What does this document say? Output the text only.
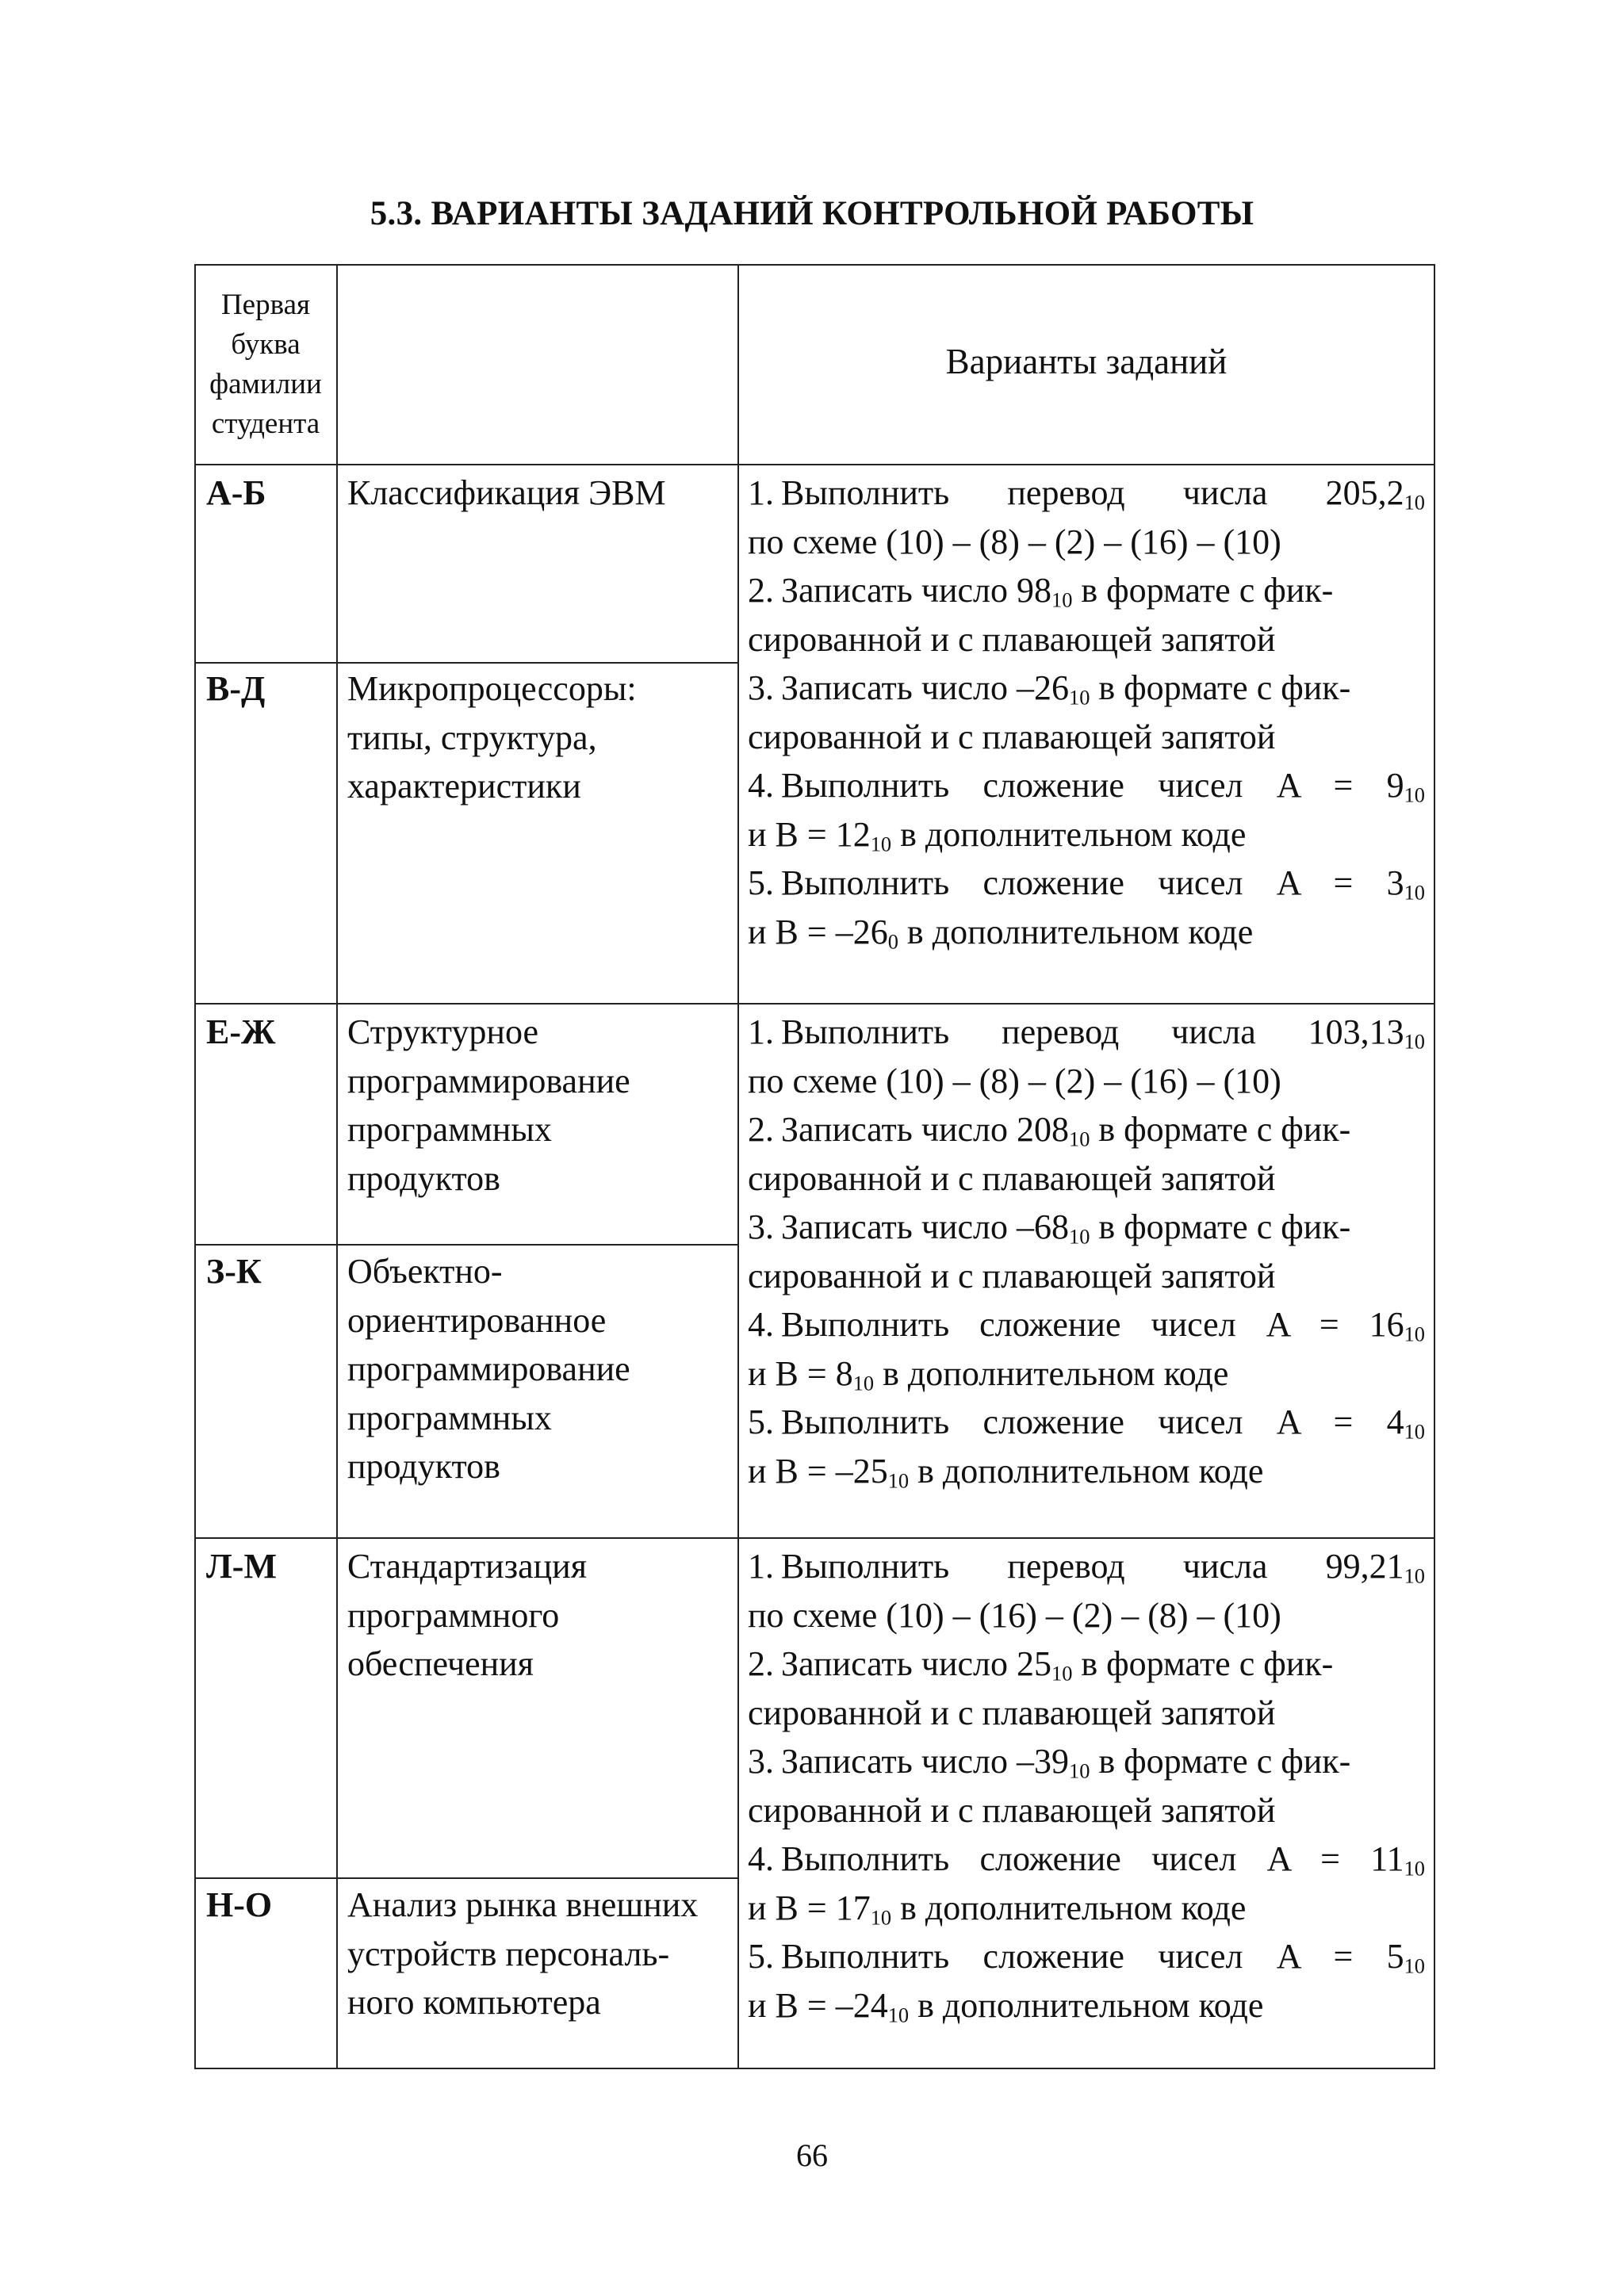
5.3. ВАРИАНТЫ ЗАДАНИЙ КОНТРОЛЬНОЙ РАБОТЫ
Первая
буква
фамилии
студента
Варианты заданий
А-Б Классификация ЭВМ
В-Д Микропроцессоры:
типы, структура,
характеристики
1. Выполнить перевод числа $205,2_{10}$
по схеме (10) – (8) – (2) – (16) – (10)
2. Записать число $98_{10}$ в формате с фик-
сированной и с плавающей запятой
3. Записать число $-26_{10}$ в формате с фик-
сированной и с плавающей запятой
4. Выполнить сложение чисел $A = 9_{10}$
и $B = 12_{10}$ в дополнительном коде
5. Выполнить сложение чисел $A = 3_{10}$
и $B = -26_0$ в дополнительном коде
Е-Ж Структурное
программирование
программных
продуктов
З-К Объектно-
ориентированное
программирование
программных
продуктов
1. Выполнить перевод числа $103,13_{10}$
по схеме (10) – (8) – (2) – (16) – (10)
2. Записать число $208_{10}$ в формате с фик-
сированной и с плавающей запятой
3. Записать число $-68_{10}$ в формате с фик-
сированной и с плавающей запятой
4. Выполнить сложение чисел $A = 16_{10}$
и $B = 8_{10}$ в дополнительном коде
5. Выполнить сложение чисел $A = 4_{10}$
и $B = -25_{10}$ в дополнительном коде
Л-М Стандартизация
программного
обеспечения
Н-О Анализ рынка внешних
устройств персональ-
ного компьютера
1. Выполнить перевод числа $99,21_{10}$
по схеме (10) – (16) – (2) – (8) – (10)
2. Записать число $25_{10}$ в формате с фик-
сированной и с плавающей запятой
3. Записать число $-39_{10}$ в формате с фик-
сированной и с плавающей запятой
4. Выполнить сложение чисел $A = 11_{10}$
и $B = 17_{10}$ в дополнительном коде
5. Выполнить сложение чисел $A = 5_{10}$
и $B = -24_{10}$ в дополнительном коде
66
